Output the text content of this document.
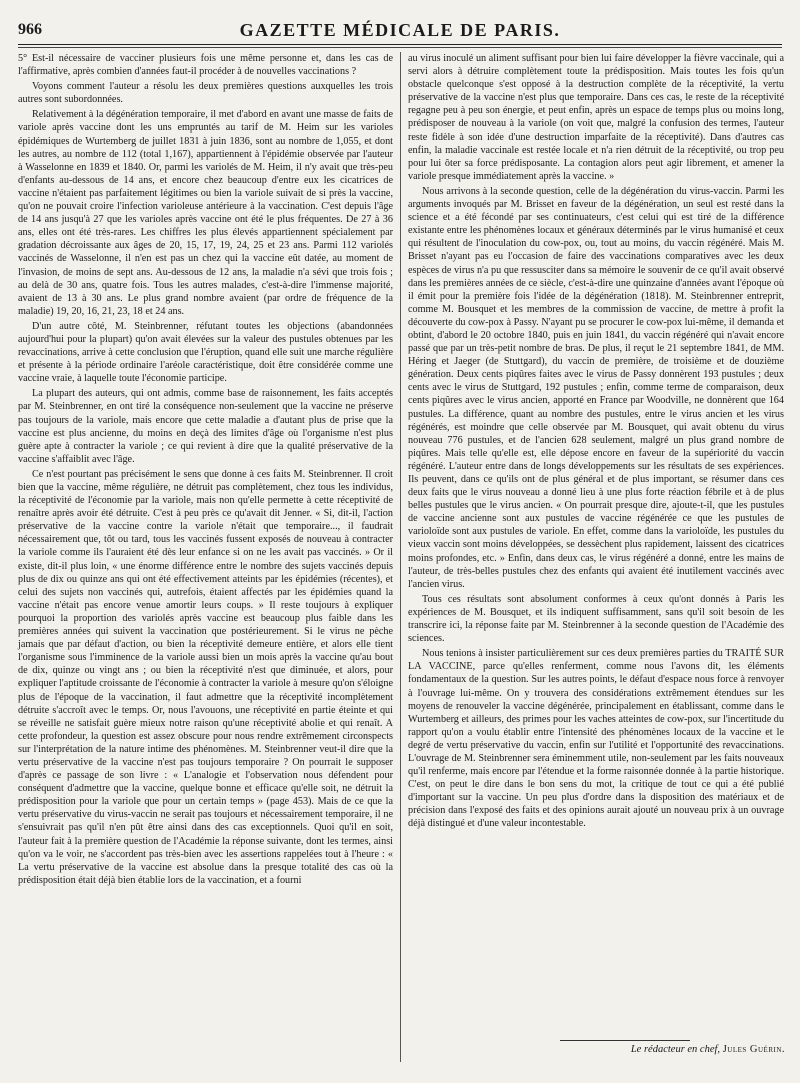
966	GAZETTE MÉDICALE DE PARIS.

5° Est-il nécessaire de vacciner plusieurs fois une même personne et, dans les cas de l'affirmative, après combien d'années faut-il procéder à de nouvelles vaccinations ?

Voyons comment l'auteur a résolu les deux premières questions auxquelles les trois autres sont subordonnées.

Relativement à la dégénération temporaire, il met d'abord en avant une masse de faits de variole après vaccine dont les uns empruntés au tarif de M. Heim sur les varioles épidémiques de Wurtemberg de juillet 1831 à juin 1836, sont au nombre de 1,055, et dont les autres, au nombre de 112 (total 1,167), appartiennent à l'épidémie observée par l'auteur à Wasselonne en 1839 et 1840. Or, parmi les variolés de M. Heim, il n'y avait que très-peu d'enfants au-dessous de 14 ans, et encore chez beaucoup d'entre eux les cicatrices de vaccine n'étaient pas parfaitement légitimes ou bien la variole suivait de si près la vaccine, qu'on ne pouvait croire l'infection varioleuse antérieure à la vaccination. C'est depuis l'âge de 14 ans jusqu'à 27 que les varioles après vaccine ont été le plus fréquentes. De 27 à 36 ans, elles ont été très-rares. Les chiffres les plus élevés appartiennent spécialement par gradation décroissante aux âges de 20, 15, 17, 19, 24, 25 et 23 ans. Parmi 112 variolés vaccinés de Wasselonne, il n'en est pas un chez qui la vaccine eût datée, au moment de l'invasion, de moins de sept ans. Au-dessous de 12 ans, la maladie n'a sévi que trois fois ; au delà de 30 ans, quatre fois. Tous les autres malades, c'est-à-dire l'immense majorité, avaient de 13 à 30 ans. Le plus grand nombre avaient (par ordre de fréquence de la maladie) 19, 20, 16, 21, 23, 18 et 24 ans.

D'un autre côté, M. Steinbrenner, réfutant toutes les objections (abandonnées aujourd'hui pour la plupart) qu'on avait élevées sur la valeur des pustules obtenues par les revaccinations, arrive à cette conclusion que l'éruption, quand elle suit une marche régulière et présente à la période ordinaire l'aréole caractéristique, doit être considérée comme une vaccine vraie, à laquelle toute l'économie participe.

La plupart des auteurs, qui ont admis, comme base de raisonnement, les faits acceptés par M. Steinbrenner, en ont tiré la conséquence non-seulement que la vaccine ne préserve pas toujours de la variole, mais encore que cette maladie a d'autant plus de prise que la vaccine est plus ancienne, du moins en deçà des limites d'âge où l'organisme n'est plus guère apte à contracter la variole ; ce qui revient à dire que la qualité préservative de la vaccine s'affaiblit avec l'âge.

Ce n'est pourtant pas précisément le sens que donne à ces faits M. Steinbrenner. Il croit bien que la vaccine, même régulière, ne détruit pas complètement, chez tous les individus, la réceptivité de l'économie par la variole, mais non qu'elle permette à cette réceptivité de renaître après avoir été détruite. C'est à peu près ce qu'avait dit Jenner. « Si, dit-il, l'action préservative de la vaccine contre la variole n'était que temporaire..., il faudrait nécessairement que, tôt ou tard, tous les vaccinés fussent exposés de nouveau à contracter la variole comme ils l'auraient été dès leur enfance si on ne les avait pas vaccinés. » Or il existe, dit-il plus loin, « une énorme différence entre le nombre des sujets vaccinés depuis plus de dix ou quinze ans qui ont été effectivement atteints par les épidémies (récentes), et celui des sujets non vaccinés qui, autrefois, étaient affectés par les épidémies quand la vaccine n'était pas encore venue amortir leurs coups. » Il reste toujours à expliquer pourquoi la proportion des variolés après vaccine est beaucoup plus faible dans les premières années qui suivent la vaccination que postérieurement. Si le virus ne pèche jamais que par défaut d'action, ou bien la réceptivité demeure entière, et alors elle tient l'organisme sous l'imminence de la variole aussi bien un mois après la vaccine qu'au bout de dix, quinze ou vingt ans ; ou bien la réceptivité n'est que diminuée, et alors, pour expliquer l'aptitude croissante de l'économie à contracter la variole à mesure qu'on s'éloigne plus de l'époque de la vaccination, il faut admettre que la réceptivité incomplètement détruite s'accroît avec le temps. Or, nous l'avouons, une réceptivité en partie éteinte et qui se réveille ne satisfait guère mieux notre raison qu'une réceptivité abolie et qui renaît. A cette profondeur, la question est assez obscure pour nous rendre extrêmement circonspects sur l'interprétation de la nature intime des phénomènes. M. Steinbrenner veut-il dire que la vertu préservative de la vaccine n'est pas toujours temporaire ? On pourrait le supposer d'après ce passage de son livre : « L'analogie et l'observation nous défendent pour conséquent d'admettre que la vaccine, quelque bonne et efficace qu'elle soit, ne détruit la prédisposition pour la variole que pour un certain temps » (page 453). Mais de ce que la vertu préservative du virus-vaccin ne serait pas toujours et nécessairement temporaire, il ne s'ensuivrait pas qu'il n'en pût être ainsi dans des cas exceptionnels. Quoi qu'il en soit, l'auteur fait à la première question de l'Académie la réponse suivante, dont les termes, ainsi qu'on va le voir, ne s'accordent pas très-bien avec les assertions rappelées tout à l'heure : « La vertu préservative de la vaccine est absolue dans la presque totalité des cas où la prédisposition était déjà bien établie lors de la vaccination, et a fourni

au virus inoculé un aliment suffisant pour bien lui faire développer la fièvre vaccinale, qui a servi alors à détruire complètement toute la prédisposition. Mais toutes les fois qu'un obstacle quelconque s'est opposé à la destruction complète de la réceptivité, la vertu préservative de la vaccine n'est plus que temporaire. Dans ces cas, le reste de la réceptivité regagne peu à peu son énergie, et peut enfin, après un espace de temps plus ou moins long, prédisposer de nouveau à la variole (on voit que, malgré la confusion des termes, l'auteur reste fidèle à son idée d'une destruction imparfaite de la réceptivité). Dans d'autres cas enfin, la maladie vaccinale est restée locale et n'a rien détruit de la réceptivité, ou trop peu pour lui ôter sa force prédisposante. La contagion alors peut agir librement, et amener la variole presque immédiatement après la vaccine. »

Nous arrivons à la seconde question, celle de la dégénération du virus-vaccin. Parmi les arguments invoqués par M. Brisset en faveur de la dégénération, un seul est resté dans la science et a été fécondé par ses continuateurs, c'est celui qui est tiré de la différence existante entre les phénomènes locaux et généraux déterminés par le virus humanisé et ceux qui résultent de l'inoculation du cow-pox, ou, tout au moins, du vaccin régénéré. Mais M. Brisset n'ayant pas eu l'occasion de faire des vaccinations comparatives avec les deux espèces de virus n'a pu que ressusciter dans sa mémoire le souvenir de ce qu'il avait observé dans les premières années de ce siècle, c'est-à-dire une quinzaine d'années avant l'époque où il émit pour la première fois l'idée de la dégénération (1818). M. Steinbrenner entreprit, comme M. Bousquet et les membres de la commission de vaccine, de mettre à profit la découverte du cow-pox à Passy. N'ayant pu se procurer le cow-pox lui-même, il demanda et obtint, d'abord le 20 octobre 1840, puis en juin 1841, du vaccin régénéré qui n'avait encore passé que par un très-petit nombre de bras. De plus, il reçut le 21 septembre 1841, de MM. Héring et Jaeger (de Stuttgard), du vaccin de première, de troisième et de douzième génération. Deux cents piqûres faites avec le virus de Passy donnèrent 193 pustules ; deux cents avec le virus de Stuttgard, 192 pustules ; enfin, comme terme de comparaison, deux cents piqûres avec le virus ancien, apporté en France par Woodville, ne donnèrent que 164 pustules. La différence, quant au nombre des pustules, entre le virus ancien et les virus régénérés, est moindre que celle observée par M. Bousquet, qui avait obtenu du virus nouveau 776 pustules, et de l'ancien 628 seulement, malgré un plus grand nombre de piqûres. Mais telle qu'elle est, elle dépose encore en faveur de la supériorité du vaccin régénéré. L'auteur entre dans de longs développements sur les résultats de ses expériences. Ils peuvent, dans ce qu'ils ont de plus général et de plus important, se résumer dans ces deux faits que le virus nouveau a donné lieu à une plus forte réaction fébrile et à de plus belles pustules que le virus ancien. « On pourrait presque dire, ajoute-t-il, que les pustules de vaccine ancienne sont aux pustules de vaccine régénérée ce que les pustules de varioloïde sont aux pustules de variole. En effet, comme dans la varioloïde, les pustules du vieux vaccin sont moins développées, se dessèchent plus rapidement, laissent des cicatrices moins profondes, etc. » Enfin, dans deux cas, le virus régénéré a donné, entre les mains de l'auteur, de très-belles pustules chez des enfants qui avaient été inutilement vaccinés avec l'ancien virus.

Tous ces résultats sont absolument conformes à ceux qu'ont donnés à Paris les expériences de M. Bousquet, et ils indiquent suffisamment, sans qu'il soit besoin de les transcrire ici, la réponse faite par M. Steinbrenner à la seconde question de l'Académie des sciences.

Nous tenions à insister particulièrement sur ces deux premières parties du TRAITÉ SUR LA VACCINE, parce qu'elles renferment, comme nous l'avons dit, les éléments fondamentaux de la question. Sur les autres points, le défaut d'espace nous force à renvoyer à l'ouvrage lui-même. On y trouvera des considérations extrêmement étendues sur les moyens de renouveler la vaccine dégénérée, principalement en établissant, comme dans le Wurtemberg et ailleurs, des primes pour les vaches atteintes de cow-pox, sur l'incertitude du rapport qu'on a voulu établir entre l'intensité des phénomènes locaux de la vaccine et le degré de vertu préservative du vaccin, enfin sur l'utilité et l'opportunité des revaccinations. L'ouvrage de M. Steinbrenner sera éminemment utile, non-seulement par les faits nouveaux qu'il renferme, mais encore par l'étendue et la forme raisonnée donnée à la partie historique. C'est, on peut le dire dans le bon sens du mot, la critique de tout ce qui a été publié d'important sur la vaccine. Un peu plus d'ordre dans la disposition des matériaux et de précision dans l'exposé des faits et des opinions aurait ajouté un nouveau prix à un ouvrage déjà distingué et d'une valeur incontestable.

Le rédacteur en chef, Jules Guérin.
